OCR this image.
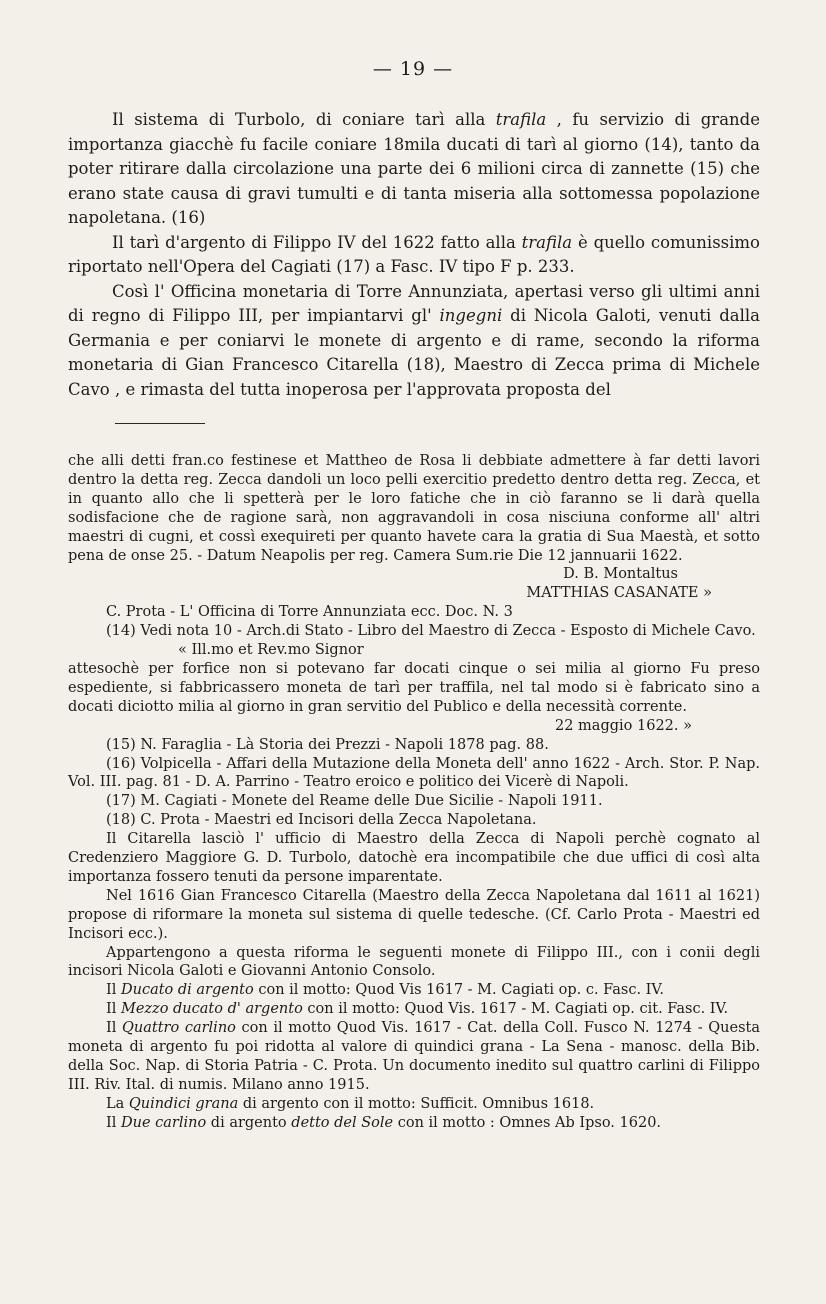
— 19 —

Il sistema di Turbolo, di coniare tarì alla trafila , fu servizio di grande importanza giacchè fu facile coniare 18mila ducati di tarì al giorno (14), tanto da poter ritirare dalla circolazione una parte dei 6 milioni circa di zannette (15) che erano state causa di gravi tumulti e di tanta miseria alla sottomessa popolazione napoletana. (16)

Il tarì d'argento di Filippo IV del 1622 fatto alla trafila è quello comunissimo riportato nell'Opera del Cagiati (17) a Fasc. IV tipo F p. 233.

Così l' Officina monetaria di Torre Annunziata, apertasi verso gli ultimi anni di regno di Filippo III, per impiantarvi gl' ingegni di Nicola Galoti, venuti dalla Germania e per coniarvi le monete di argento e di rame, secondo la riforma monetaria di Gian Francesco Citarella (18), Maestro di Zecca prima di Michele Cavo , e rimasta del tutta inoperosa per l'approvata proposta del

che alli detti fran.co festinese et Mattheo de Rosa li debbiate admettere à far detti lavori dentro la detta reg. Zecca dandoli un loco pelli exercitio predetto dentro detta reg. Zecca, et in quanto allo che li spetterà per le loro fatiche che in ciò faranno se li darà quella sodisfacione che de ragione sarà, non aggravandoli in cosa nisciuna conforme all' altri maestri di cugni, et cossì exequireti per quanto havete cara la gratia di Sua Maestà, et sotto pena de onse 25. - Datum Neapolis per reg. Camera Sum.rie Die 12 jannuarii 1622.

D. B. Montaltus

MATTHIAS CASANATE »

C. Prota - L' Officina di Torre Annunziata ecc. Doc. N. 3

(14) Vedi nota 10 - Arch.di Stato - Libro del Maestro di Zecca - Esposto di Michele Cavo.

« Ill.mo et Rev.mo Signor

attesochè per forfice non si potevano far docati cinque o sei milia al giorno Fu preso espediente, si fabbricassero moneta de tarì per traffila, nel tal modo si è fabricato sino a docati diciotto milia al giorno in gran servitio del Publico e della necessità corrente.

22 maggio 1622. »

(15) N. Faraglia - Là Storia dei Prezzi - Napoli 1878 pag. 88.

(16) Volpicella - Affari della Mutazione della Moneta dell' anno 1622 - Arch. Stor. P. Nap. Vol. III. pag. 81 - D. A. Parrino - Teatro eroico e politico dei Vicerè di Napoli.

(17) M. Cagiati - Monete del Reame delle Due Sicilie - Napoli 1911.

(18) C. Prota - Maestri ed Incisori della Zecca Napoletana.

Il Citarella lasciò l' ufficio di Maestro della Zecca di Napoli perchè cognato al Credenziero Maggiore G. D. Turbolo, datochè era incompatibile che due uffici di così alta importanza fossero tenuti da persone imparentate.

Nel 1616 Gian Francesco Citarella (Maestro della Zecca Napoletana dal 1611 al 1621) propose di riformare la moneta sul sistema di quelle tedesche. (Cf. Carlo Prota - Maestri ed Incisori ecc.).

Appartengono a questa riforma le seguenti monete di Filippo III., con i conii degli incisori Nicola Galoti e Giovanni Antonio Consolo.

Il Ducato di argento con il motto: Quod Vis 1617 - M. Cagiati op. c. Fasc. IV.

Il Mezzo ducato d' argento con il motto: Quod Vis. 1617 - M. Cagiati op. cit. Fasc. IV.

Il Quattro carlino con il motto Quod Vis. 1617 - Cat. della Coll. Fusco N. 1274 - Questa moneta di argento fu poi ridotta al valore di quindici grana - La Sena - manosc. della Bib. della Soc. Nap. di Storia Patria - C. Prota. Un documento inedito sul quattro carlini di Filippo III. Riv. Ital. di numis. Milano anno 1915.

La Quindici grana di argento con il motto: Sufficit. Omnibus 1618.

Il Due carlino di argento detto del Sole con il motto : Omnes Ab Ipso. 1620.
